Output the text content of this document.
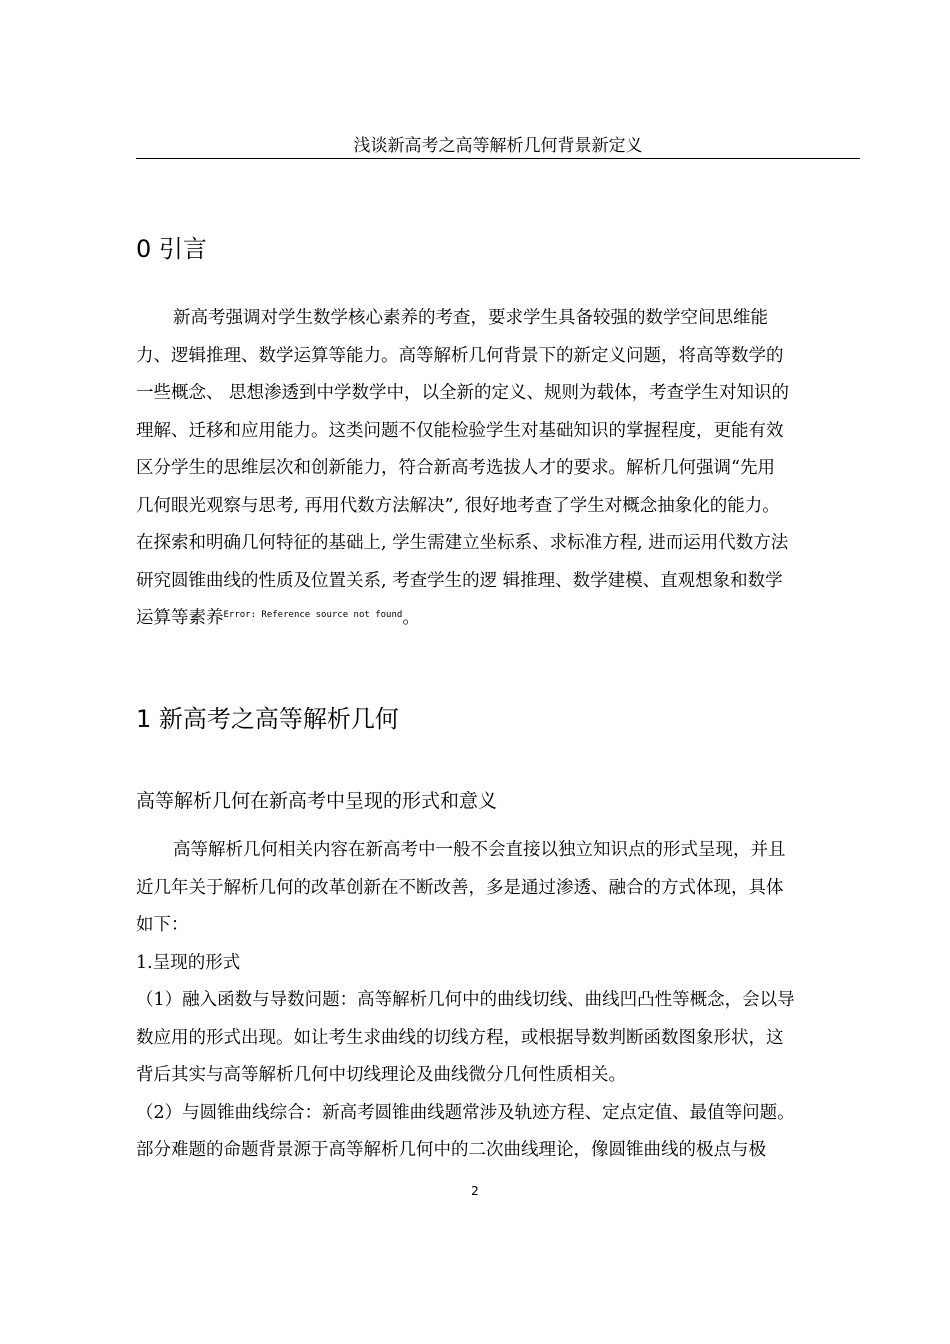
浅谈新高考之高等解析几何背景新定义
0 引言
新高考强调对学生数学核心素养的考查，要求学生具备较强的数学空间思维能
力、逻辑推理、数学运算等能力。高等解析几何背景下的新定义问题，将高等数学的
一些概念、 思想渗透到中学数学中，以全新的定义、规则为载体，考查学生对知识的
理解、迁移和应用能力。这类问题不仅能检验学生对基础知识的掌握程度，更能有效
区分学生的思维层次和创新能力，符合新高考选拔人才的要求。解析几何强调“先用
几何眼光观察与思考, 再用代数方法解决”, 很好地考查了学生对概念抽象化的能力。
在探索和明确几何特征的基础上, 学生需建立坐标系、求标准方程, 进而运用代数方法
研究圆锥曲线的性质及位置关系, 考查学生的逻 辑推理、数学建模、直观想象和数学
运算等素养$^{Error: Reference source not found}$。
1 新高考之高等解析几何
高等解析几何在新高考中呈现的形式和意义
高等解析几何相关内容在新高考中一般不会直接以独立知识点的形式呈现，并且
近几年关于解析几何的改革创新在不断改善，多是通过渗透、融合的方式体现，具体
如下：
1.呈现的形式
（1）融入函数与导数问题：高等解析几何中的曲线切线、曲线凹凸性等概念，会以导
数应用的形式出现。如让考生求曲线的切线方程，或根据导数判断函数图象形状，这
背后其实与高等解析几何中切线理论及曲线微分几何性质相关。
（2）与圆锥曲线综合：新高考圆锥曲线题常涉及轨迹方程、定点定值、最值等问题。
部分难题的命题背景源于高等解析几何中的二次曲线理论，像圆锥曲线的极点与极
2
